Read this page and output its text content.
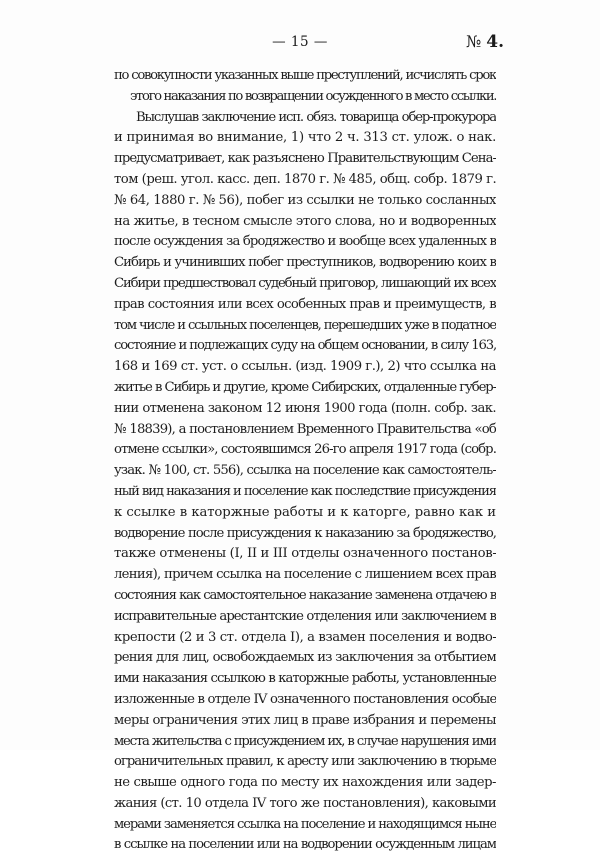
— 15 —	№ 4.
по совокупности указанных выше преступлений, исчислять срок
этого наказания по возвращении осужденного в место ссылки.
Выслушав заключение исп. обяз. товарища обер-прокурора
и принимая во внимание, 1) что 2 ч. 313 ст. улож. о нак.
предусматривает, как разъяснено Правительствующим Сена-
том (реш. угол. касс. деп. 1870 г. № 485, общ. собр. 1879 г.
№ 64, 1880 г. № 56), побег из ссылки не только сосланных
на житье, в тесном смысле этого слова, но и водворенных
после осуждения за бродяжество и вообще всех удаленных в
Сибирь и учинивших побег преступников, водворению коих в
Сибири предшествовал судебный приговор, лишающий их всех
прав состояния или всех особенных прав и преимуществ, в
том числе и ссыльных поселенцев, перешедших уже в податное
состояние и подлежащих суду на общем основании, в силу 163,
168 и 169 ст. уст. о ссыльн. (изд. 1909 г.), 2) что ссылка на
житье в Сибирь и другие, кроме Сибирских, отдаленные губер-
нии отменена законом 12 июня 1900 года (полн. собр. зак.
№ 18839), а постановлением Временного Правительства «об
отмене ссылки», состоявшимся 26-го апреля 1917 года (собр.
узак. № 100, ст. 556), ссылка на поселение как самостоятель-
ный вид наказания и поселение как последствие присуждения
к ссылке в каторжные работы и к каторге, равно как и
водворение после присуждения к наказанию за бродяжество,
также отменены (I, II и III отделы означенного постанов-
ления), причем ссылка на поселение с лишением всех прав
состояния как самостоятельное наказание заменена отдачею в
исправительные арестантские отделения или заключением в
крепости (2 и 3 ст. отдела I), а взамен поселения и водво-
рения для лиц, освобождаемых из заключения за отбытием
ими наказания ссылкою в каторжные работы, установленные
изложенные в отделе IV означенного постановления особые
меры ограничения этих лиц в праве избрания и перемены
места жительства с присуждением их, в случае нарушения ими
ограничительных правил, к аресту или заключению в тюрьме
не свыше одного года по месту их нахождения или задер-
жания (ст. 10 отдела IV того же постановления), каковыми
мерами заменяется ссылка на поселение и находящимся ныне
в ссылке на поселении или на водворении осужденным лицам
